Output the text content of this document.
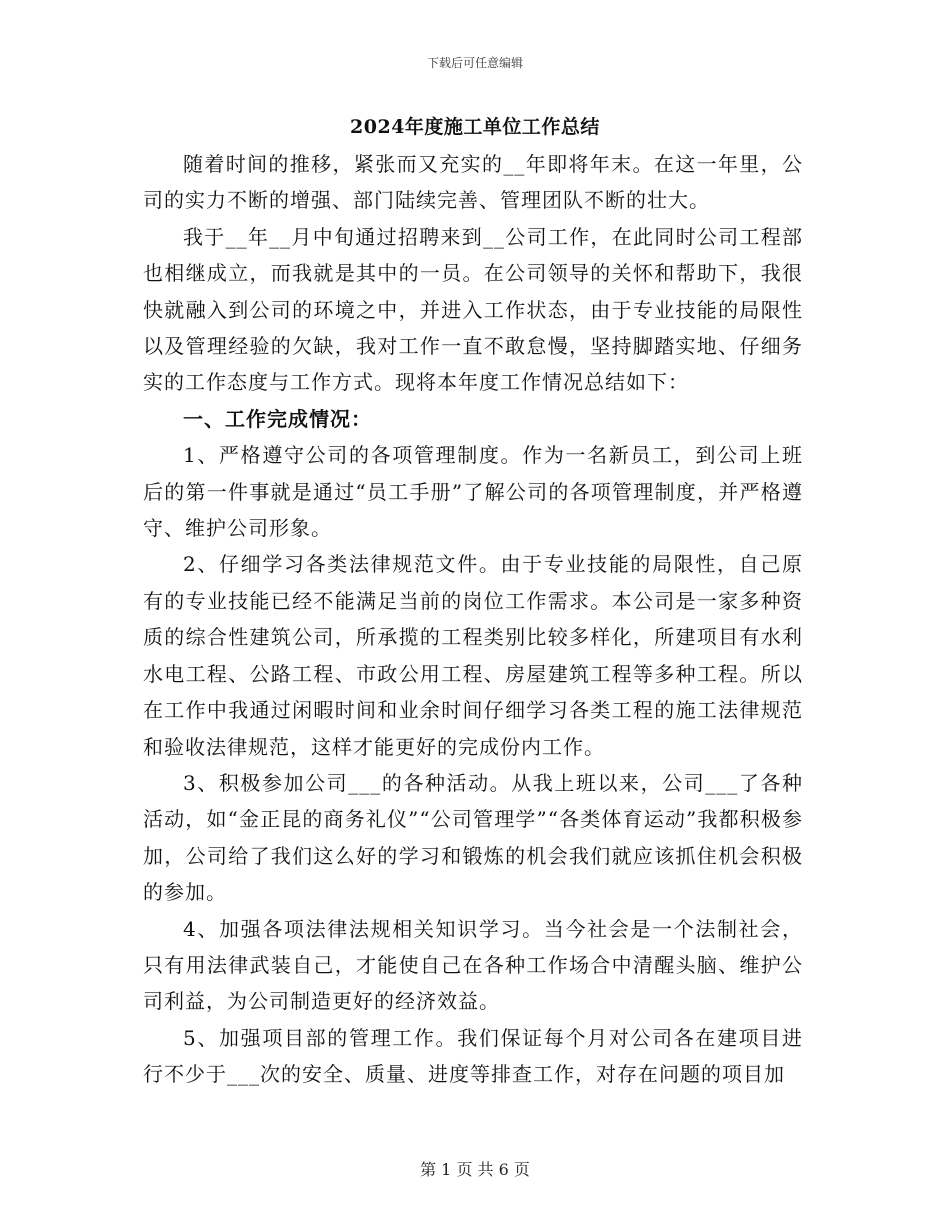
下载后可任意编辑
2024年度施工单位工作总结

随着时间的推移，紧张而又充实的__年即将年末。在这一年里，公司的实力不断的增强、部门陆续完善、管理团队不断的壮大。

我于__年__月中旬通过招聘来到__公司工作，在此同时公司工程部也相继成立，而我就是其中的一员。在公司领导的关怀和帮助下，我很快就融入到公司的环境之中，并进入工作状态，由于专业技能的局限性以及管理经验的欠缺，我对工作一直不敢怠慢，坚持脚踏实地、仔细务实的工作态度与工作方式。现将本年度工作情况总结如下：

一、工作完成情况：

1、严格遵守公司的各项管理制度。作为一名新员工，到公司上班后的第一件事就是通过“员工手册”了解公司的各项管理制度，并严格遵守、维护公司形象。

2、仔细学习各类法律规范文件。由于专业技能的局限性，自己原有的专业技能已经不能满足当前的岗位工作需求。本公司是一家多种资质的综合性建筑公司，所承揽的工程类别比较多样化，所建项目有水利水电工程、公路工程、市政公用工程、房屋建筑工程等多种工程。所以在工作中我通过闲暇时间和业余时间仔细学习各类工程的施工法律规范和验收法律规范，这样才能更好的完成份内工作。

3、积极参加公司___的各种活动。从我上班以来，公司___了各种活动，如“金正昆的商务礼仪”“公司管理学”“各类体育运动”我都积极参加，公司给了我们这么好的学习和锻炼的机会我们就应该抓住机会积极的参加。

4、加强各项法律法规相关知识学习。当今社会是一个法制社会，只有用法律武装自己，才能使自己在各种工作场合中清醒头脑、维护公司利益，为公司制造更好的经济效益。

5、加强项目部的管理工作。我们保证每个月对公司各在建项目进行不少于___次的安全、质量、进度等排查工作，对存在问题的项目加

第 1 页 共 6 页
